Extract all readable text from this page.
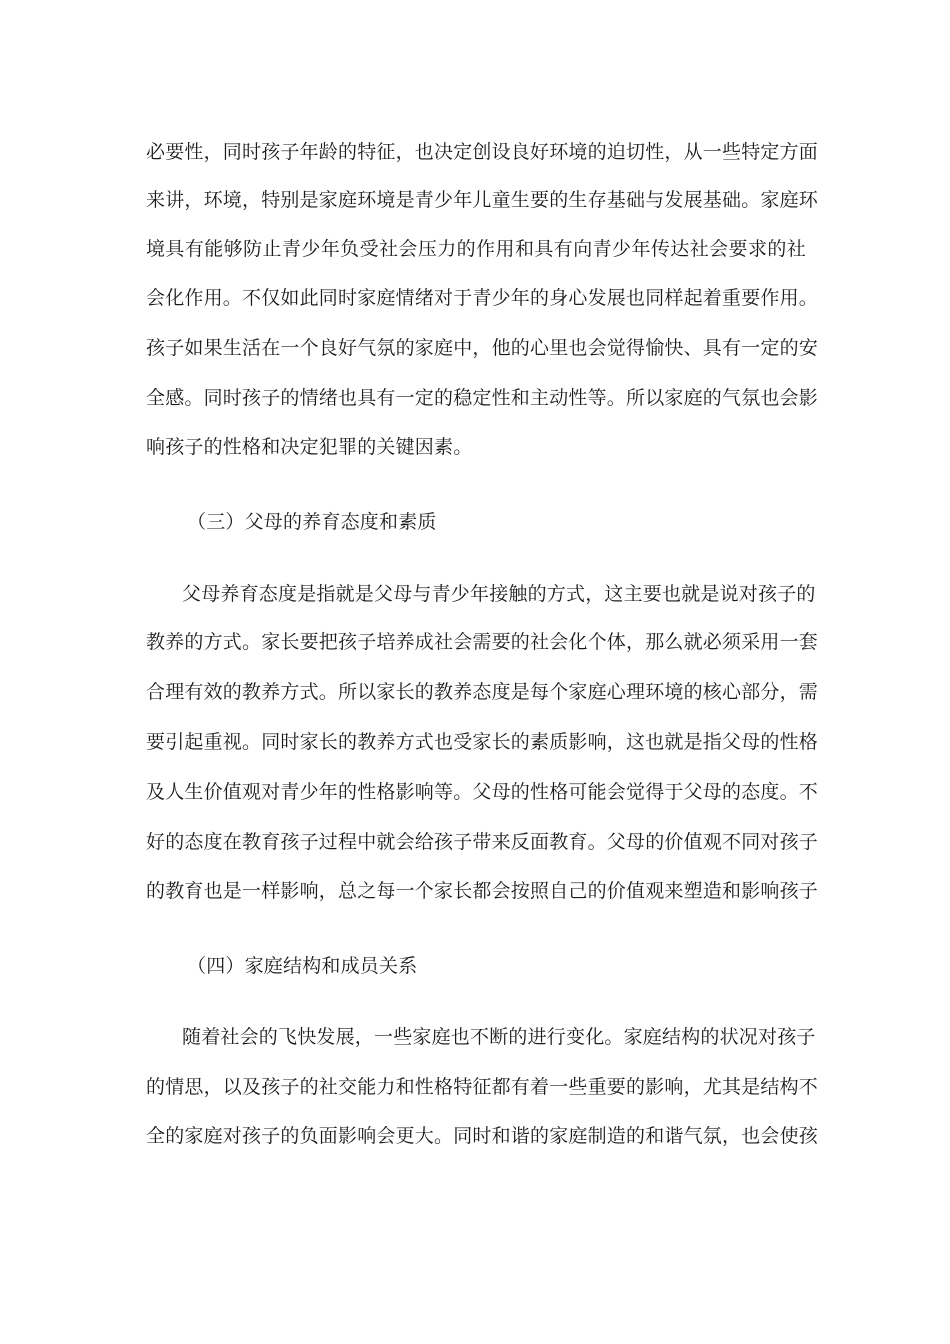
必要性，同时孩子年龄的特征，也决定创设良好环境的迫切性，从一些特定方面
来讲，环境，特别是家庭环境是青少年儿童生要的生存基础与发展基础。家庭环
境具有能够防止青少年负受社会压力的作用和具有向青少年传达社会要求的社
会化作用。不仅如此同时家庭情绪对于青少年的身心发展也同样起着重要作用。
孩子如果生活在一个良好气氛的家庭中，他的心里也会觉得愉快、具有一定的安
全感。同时孩子的情绪也具有一定的稳定性和主动性等。所以家庭的气氛也会影
响孩子的性格和决定犯罪的关键因素。
（三）父母的养育态度和素质
父母养育态度是指就是父母与青少年接触的方式，这主要也就是说对孩子的
教养的方式。家长要把孩子培养成社会需要的社会化个体，那么就必须采用一套
合理有效的教养方式。所以家长的教养态度是每个家庭心理环境的核心部分，需
要引起重视。同时家长的教养方式也受家长的素质影响，这也就是指父母的性格
及人生价值观对青少年的性格影响等。父母的性格可能会觉得于父母的态度。不
好的态度在教育孩子过程中就会给孩子带来反面教育。父母的价值观不同对孩子
的教育也是一样影响，总之每一个家长都会按照自己的价值观来塑造和影响孩子
（四）家庭结构和成员关系
随着社会的飞快发展，一些家庭也不断的进行变化。家庭结构的状况对孩子
的情思，以及孩子的社交能力和性格特征都有着一些重要的影响，尤其是结构不
全的家庭对孩子的负面影响会更大。同时和谐的家庭制造的和谐气氛，也会使孩
